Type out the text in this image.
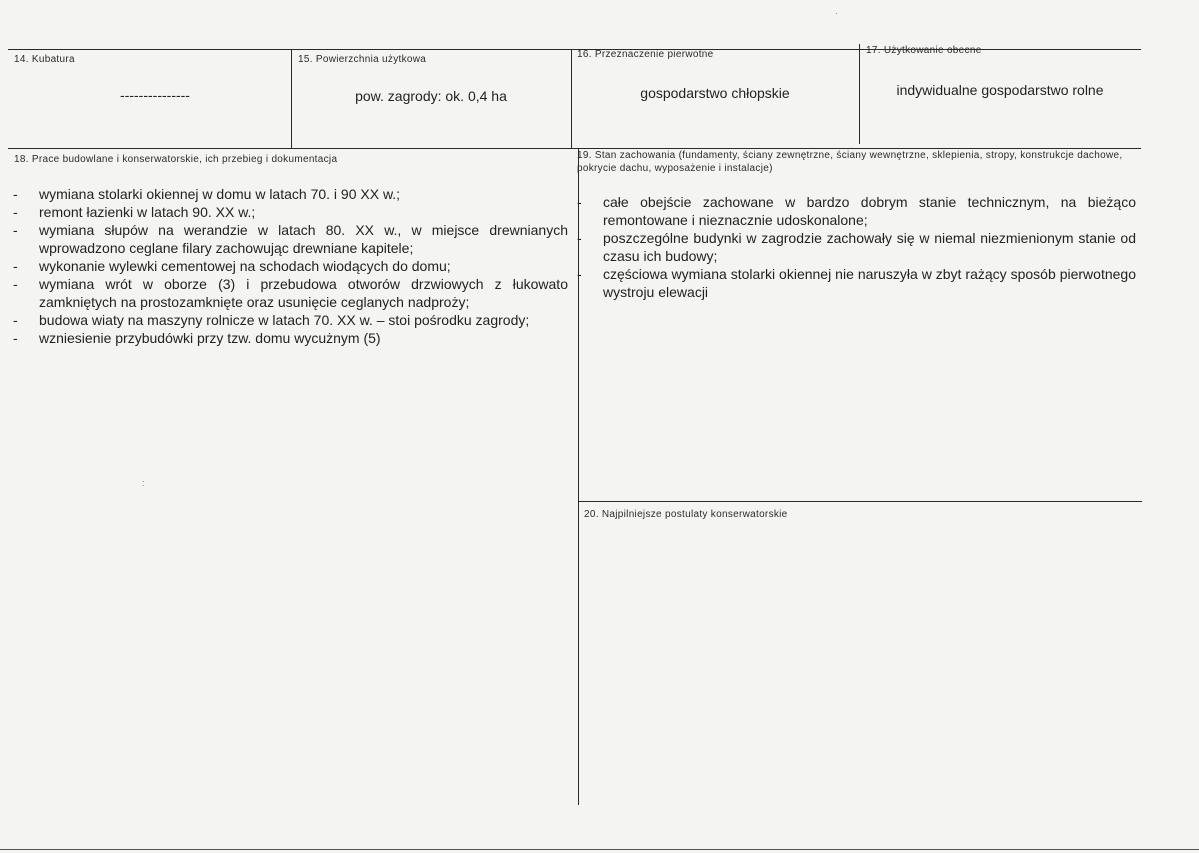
14. Kubatura
---------------
15. Powierzchnia użytkowa
pow. zagrody: ok. 0,4 ha
16. Przeznaczenie pierwotne
gospodarstwo chłopskie
17. Użytkowanie obecne
indywidualne gospodarstwo rolne
18. Prace budowlane i konserwatorskie, ich przebieg i dokumentacja
- wymiana stolarki okiennej w domu w latach 70. i 90 XX w.;
- remont łazienki w latach 90. XX w.;
- wymiana słupów na werandzie w latach 80. XX w., w miejsce drewnianych wprowadzono ceglane filary zachowując drewniane kapitele;
- wykonanie wylewki cementowej na schodach wiodących do domu;
- wymiana wrót w oborze (3) i przebudowa otworów drzwiowych z łukowato zamkniętych na prostozamknięte oraz usunięcie ceglanych nadproży;
- budowa wiaty na maszyny rolnicze w latach 70. XX w. – stoi pośrodku zagrody;
- wzniesienie przybudówki przy tzw. domu wycużnym (5)
19. Stan zachowania (fundamenty, ściany zewnętrzne, ściany wewnętrzne, sklepienia, stropy, konstrukcje dachowe, pokrycie dachu, wyposażenie i instalacje)
- całe obejście zachowane w bardzo dobrym stanie technicznym, na bieżąco remontowane i nieznacznie udoskonalone;
- poszczególne budynki w zagrodzie zachowały się w niemal niezmienionym stanie od czasu ich budowy;
- częściowa wymiana stolarki okiennej nie naruszyła w zbyt rażący sposób pierwotnego wystroju elewacji
20. Najpilniejsze postulaty konserwatorskie
:
·
